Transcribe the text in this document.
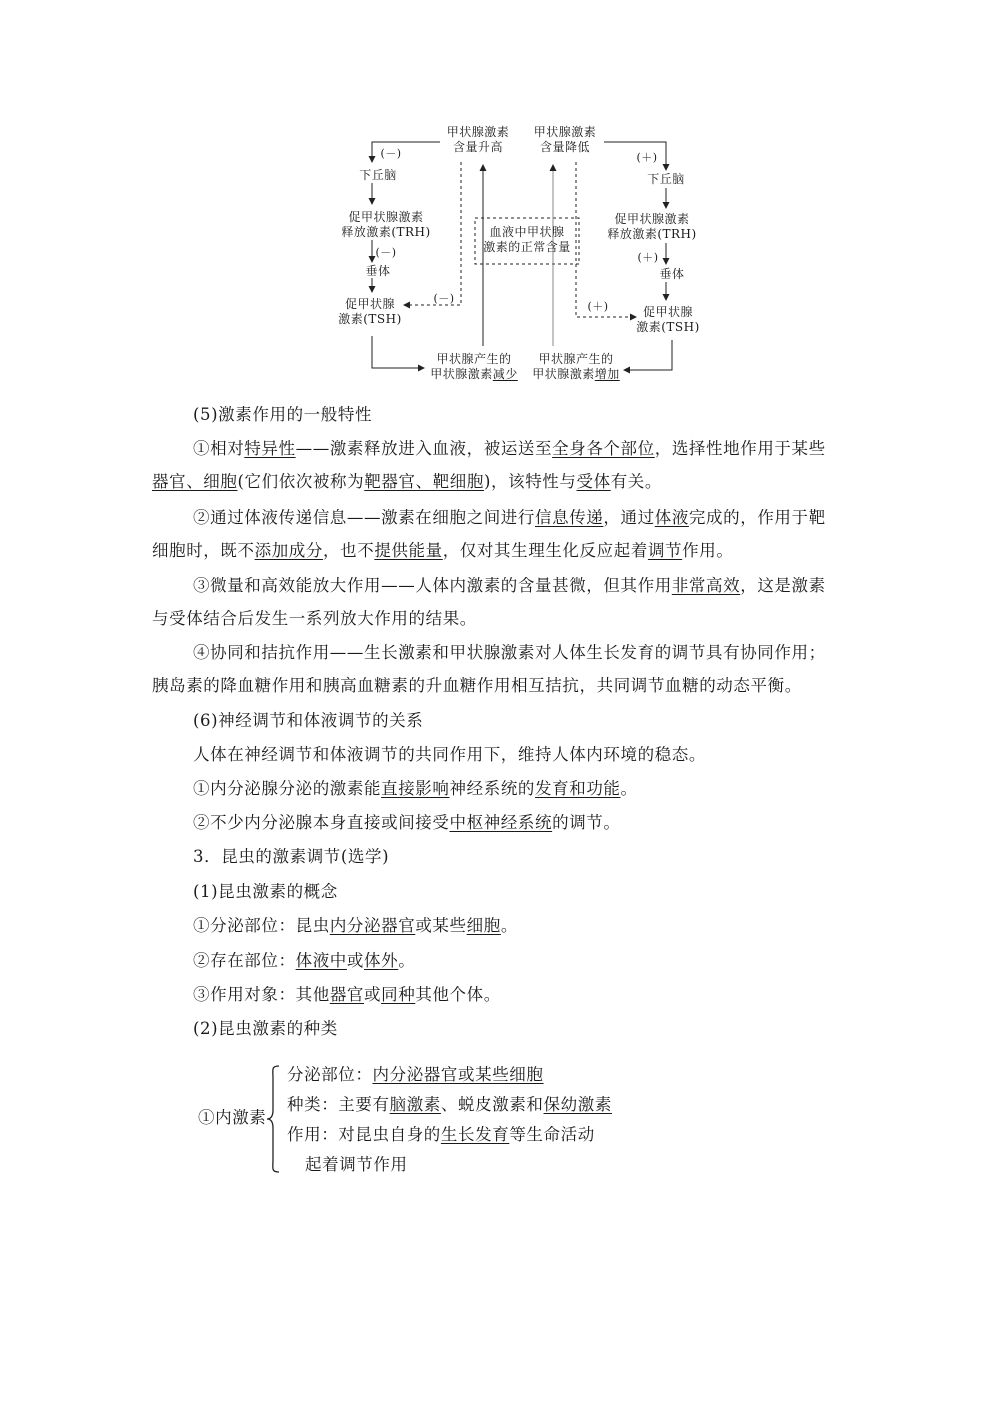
甲状腺激素
含量升高
甲状腺激素
含量降低
血液中甲状腺
激素的正常含量
(－)
下丘脑
促甲状腺激素
释放激素(TRH)
(－)
垂体
促甲状腺
激素(TSH)
(－)
(＋)
下丘脑
促甲状腺激素
释放激素(TRH)
(＋)
垂体
(＋)	促甲状腺
激素(TSH)
甲状腺产生的
甲状腺激素减少
甲状腺产生的
甲状腺激素增加
(5)激素作用的一般特性
①相对特异性——激素释放进入血液，被运送至全身各个部位，选择性地作用于某些
器官、细胞(它们依次被称为靶器官、靶细胞)，该特性与受体有关。
②通过体液传递信息——激素在细胞之间进行信息传递，通过体液完成的，作用于靶
细胞时，既不添加成分，也不提供能量，仅对其生理生化反应起着调节作用。
③微量和高效能放大作用——人体内激素的含量甚微，但其作用非常高效，这是激素
与受体结合后发生一系列放大作用的结果。
④协同和拮抗作用——生长激素和甲状腺激素对人体生长发育的调节具有协同作用；
胰岛素的降血糖作用和胰高血糖素的升血糖作用相互拮抗，共同调节血糖的动态平衡。
(6)神经调节和体液调节的关系
人体在神经调节和体液调节的共同作用下，维持人体内环境的稳态。
①内分泌腺分泌的激素能直接影响神经系统的发育和功能。
②不少内分泌腺本身直接或间接受中枢神经系统的调节。
3．昆虫的激素调节(选学)
(1)昆虫激素的概念
①分泌部位：昆虫内分泌器官或某些细胞。
②存在部位：体液中或体外。
③作用对象：其他器官或同种其他个体。
(2)昆虫激素的种类
①内激素
分泌部位：内分泌器官或某些细胞
种类：主要有脑激素、蜕皮激素和保幼激素
作用：对昆虫自身的生长发育等生命活动
起着调节作用
